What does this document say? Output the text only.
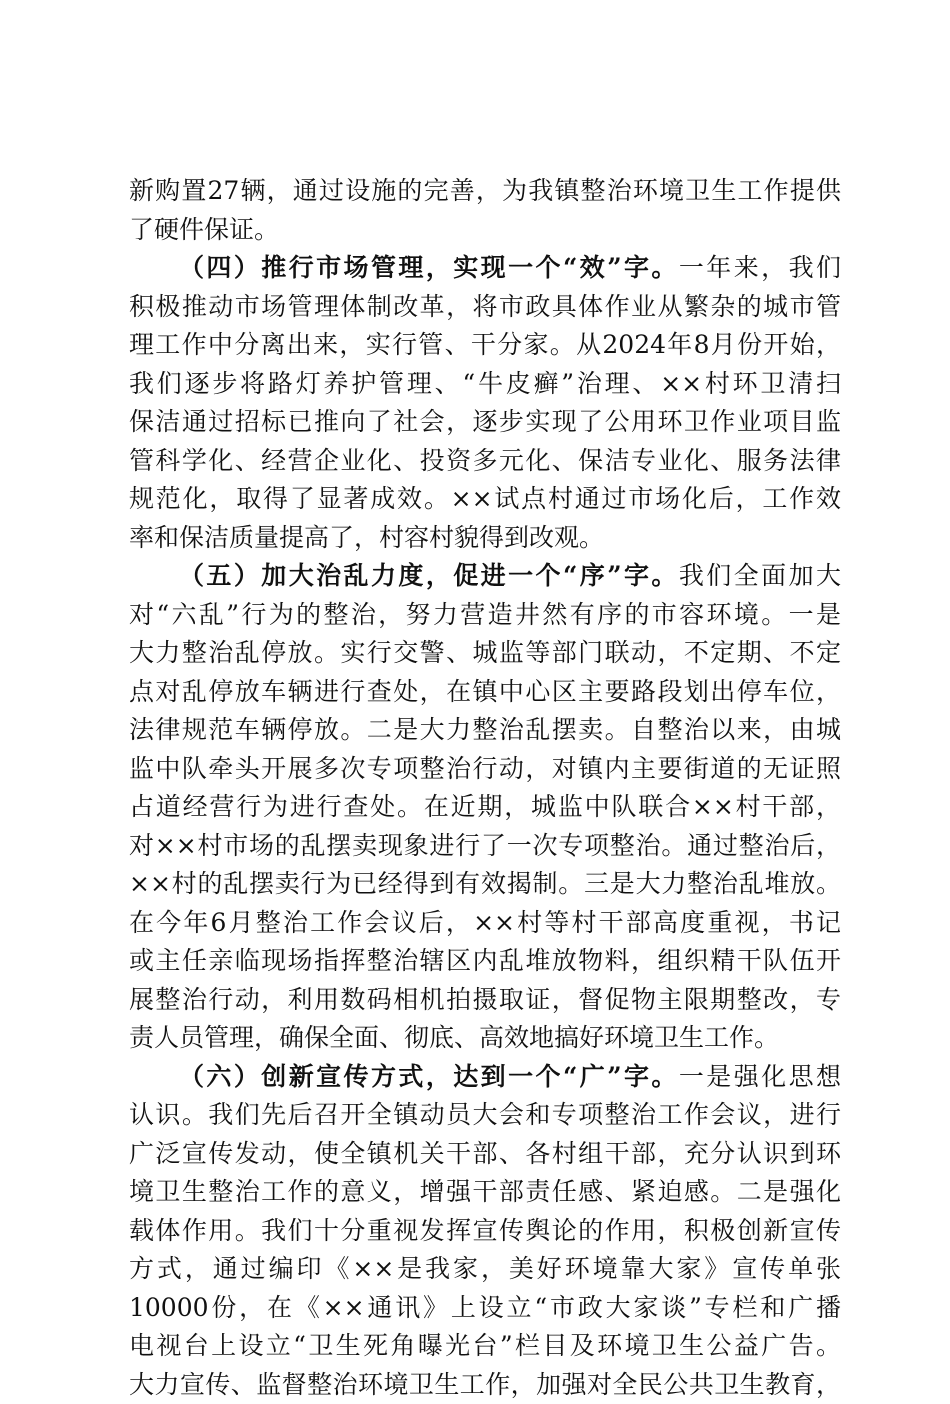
新购置27辆，通过设施的完善，为我镇整治环境卫生工作提供
了硬件保证。
（四）推行市场管理，实现一个“效”字。一年来，我们
积极推动市场管理体制改革，将市政具体作业从繁杂的城市管
理工作中分离出来，实行管、干分家。从2024年8月份开始，
我们逐步将路灯养护管理、“牛皮癣”治理、××村环卫清扫
保洁通过招标已推向了社会，逐步实现了公用环卫作业项目监
管科学化、经营企业化、投资多元化、保洁专业化、服务法律
规范化，取得了显著成效。××试点村通过市场化后，工作效
率和保洁质量提高了，村容村貌得到改观。
（五）加大治乱力度，促进一个“序”字。我们全面加大
对“六乱”行为的整治，努力营造井然有序的市容环境。一是
大力整治乱停放。实行交警、城监等部门联动，不定期、不定
点对乱停放车辆进行查处，在镇中心区主要路段划出停车位，
法律规范车辆停放。二是大力整治乱摆卖。自整治以来，由城
监中队牵头开展多次专项整治行动，对镇内主要街道的无证照
占道经营行为进行查处。在近期，城监中队联合××村干部，
对××村市场的乱摆卖现象进行了一次专项整治。通过整治后，
××村的乱摆卖行为已经得到有效揭制。三是大力整治乱堆放。
在今年6月整治工作会议后，××村等村干部高度重视，书记
或主任亲临现场指挥整治辖区内乱堆放物料，组织精干队伍开
展整治行动，利用数码相机拍摄取证，督促物主限期整改，专
责人员管理，确保全面、彻底、高效地搞好环境卫生工作。
（六）创新宣传方式，达到一个“广”字。一是强化思想
认识。我们先后召开全镇动员大会和专项整治工作会议，进行
广泛宣传发动，使全镇机关干部、各村组干部，充分认识到环
境卫生整治工作的意义，增强干部责任感、紧迫感。二是强化
载体作用。我们十分重视发挥宣传舆论的作用，积极创新宣传
方式，通过编印《××是我家，美好环境靠大家》宣传单张
10000份，在《××通讯》上设立“市政大家谈”专栏和广播
电视台上设立“卫生死角曝光台”栏目及环境卫生公益广告。
大力宣传、监督整治环境卫生工作，加强对全民公共卫生教育，
